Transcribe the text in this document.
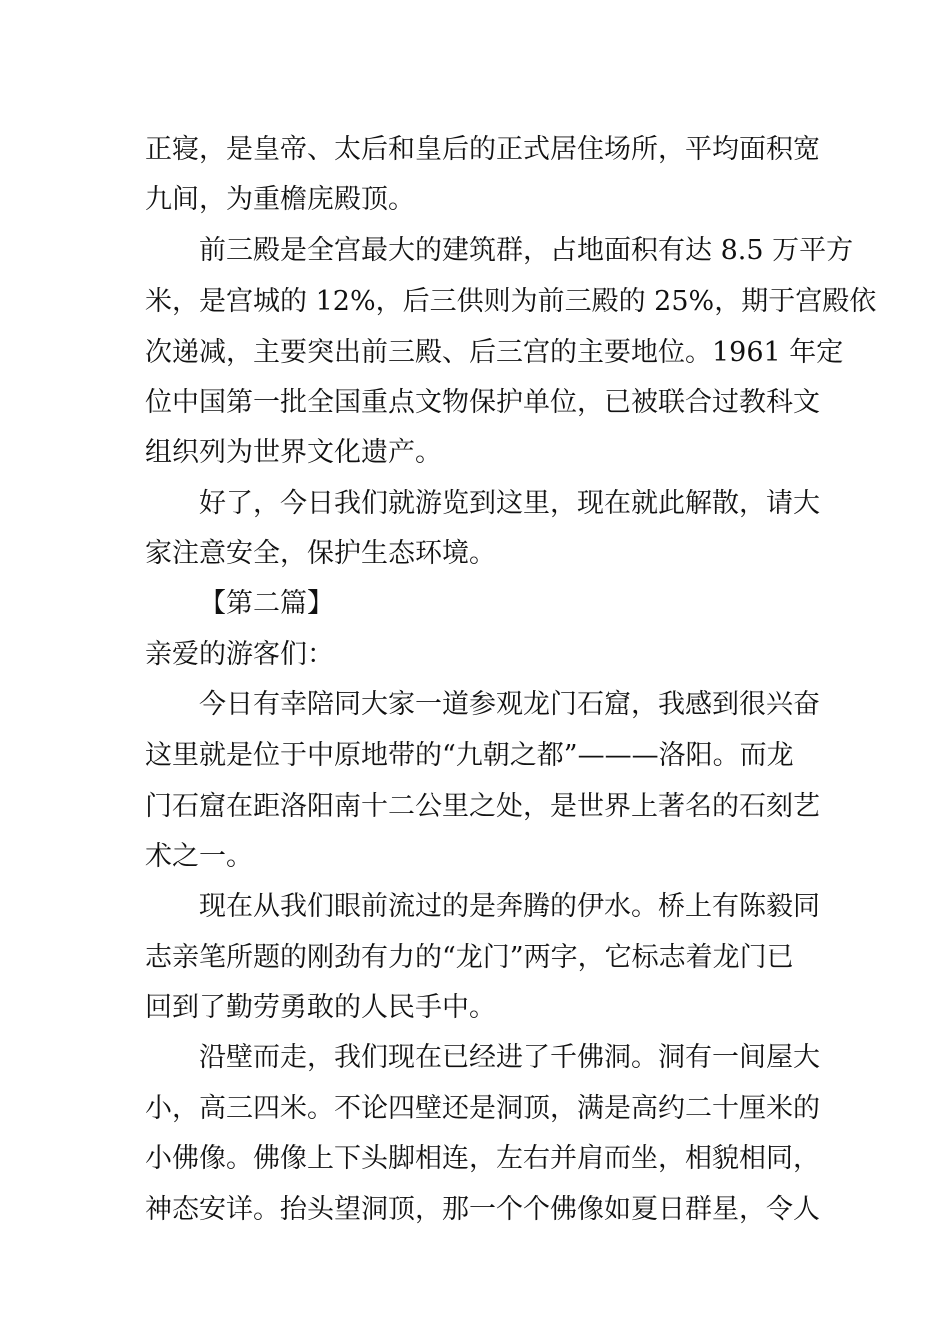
正寝，是皇帝、太后和皇后的正式居住场所，平均面积宽
九间，为重檐庑殿顶。
前三殿是全宫最大的建筑群，占地面积有达 8.5 万平方
米，是宫城的 12%，后三供则为前三殿的 25%，期于宫殿依
次递减，主要突出前三殿、后三宫的主要地位。1961 年定
位中国第一批全国重点文物保护单位，已被联合过教科文
组织列为世界文化遗产。
好了，今日我们就游览到这里，现在就此解散，请大
家注意安全，保护生态环境。
【第二篇】
亲爱的游客们：
今日有幸陪同大家一道参观龙门石窟，我感到很兴奋
这里就是位于中原地带的“九朝之都”———洛阳。而龙
门石窟在距洛阳南十二公里之处，是世界上著名的石刻艺
术之一。
现在从我们眼前流过的是奔腾的伊水。桥上有陈毅同
志亲笔所题的刚劲有力的“龙门”两字，它标志着龙门已
回到了勤劳勇敢的人民手中。
沿壁而走，我们现在已经进了千佛洞。洞有一间屋大
小，高三四米。不论四壁还是洞顶，满是高约二十厘米的
小佛像。佛像上下头脚相连，左右并肩而坐，相貌相同，
神态安详。抬头望洞顶，那一个个佛像如夏日群星，令人
